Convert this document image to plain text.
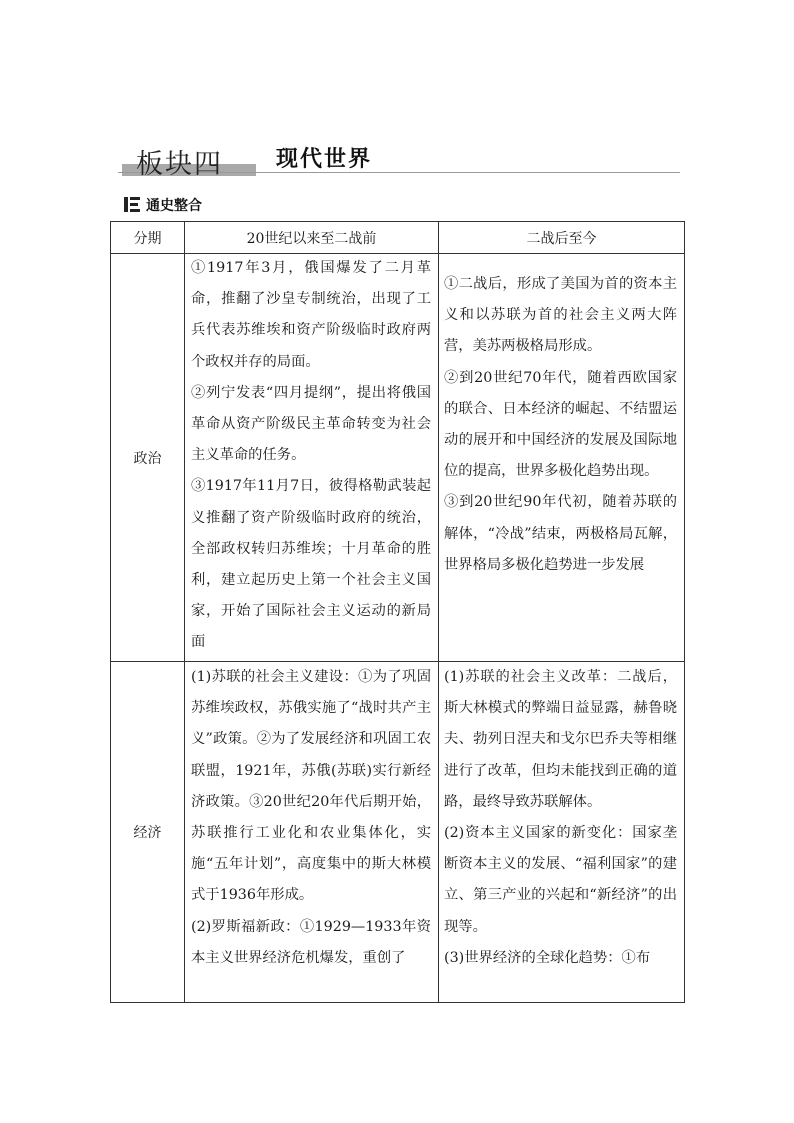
板块四 现代世界
通史整合
分期	20世纪以来至二战前	二战后至今
政治

①1917年3月，俄国爆发了二月革命，推翻了沙皇专制统治，出现了工兵代表苏维埃和资产阶级临时政府两个政权并存的局面。

②列宁发表“四月提纲”，提出将俄国革命从资产阶级民主革命转变为社会主义革命的任务。

③1917年11月7日，彼得格勒武装起义推翻了资产阶级临时政府的统治，全部政权转归苏维埃；十月革命的胜利，建立起历史上第一个社会主义国家，开始了国际社会主义运动的新局面

①二战后，形成了美国为首的资本主义和以苏联为首的社会主义两大阵营，美苏两极格局形成。

②到20世纪70年代，随着西欧国家的联合、日本经济的崛起、不结盟运动的展开和中国经济的发展及国际地位的提高，世界多极化趋势出现。

③到20世纪90年代初，随着苏联的解体，“冷战”结束，两极格局瓦解，世界格局多极化趋势进一步发展

经济

(1)苏联的社会主义建设：①为了巩固苏维埃政权，苏俄实施了“战时共产主义”政策。②为了发展经济和巩固工农联盟，1921年，苏俄(苏联)实行新经济政策。③20世纪20年代后期开始，苏联推行工业化和农业集体化，实施“五年计划”，高度集中的斯大林模式于1936年形成。

(2)罗斯福新政：①1929—1933年资本主义世界经济危机爆发，重创了

(1)苏联的社会主义改革：二战后，斯大林模式的弊端日益显露，赫鲁晓夫、勃列日涅夫和戈尔巴乔夫等相继进行了改革，但均未能找到正确的道路，最终导致苏联解体。

(2)资本主义国家的新变化：国家垄断资本主义的发展、“福利国家”的建立、第三产业的兴起和“新经济”的出现等。

(3)世界经济的全球化趋势：①布
